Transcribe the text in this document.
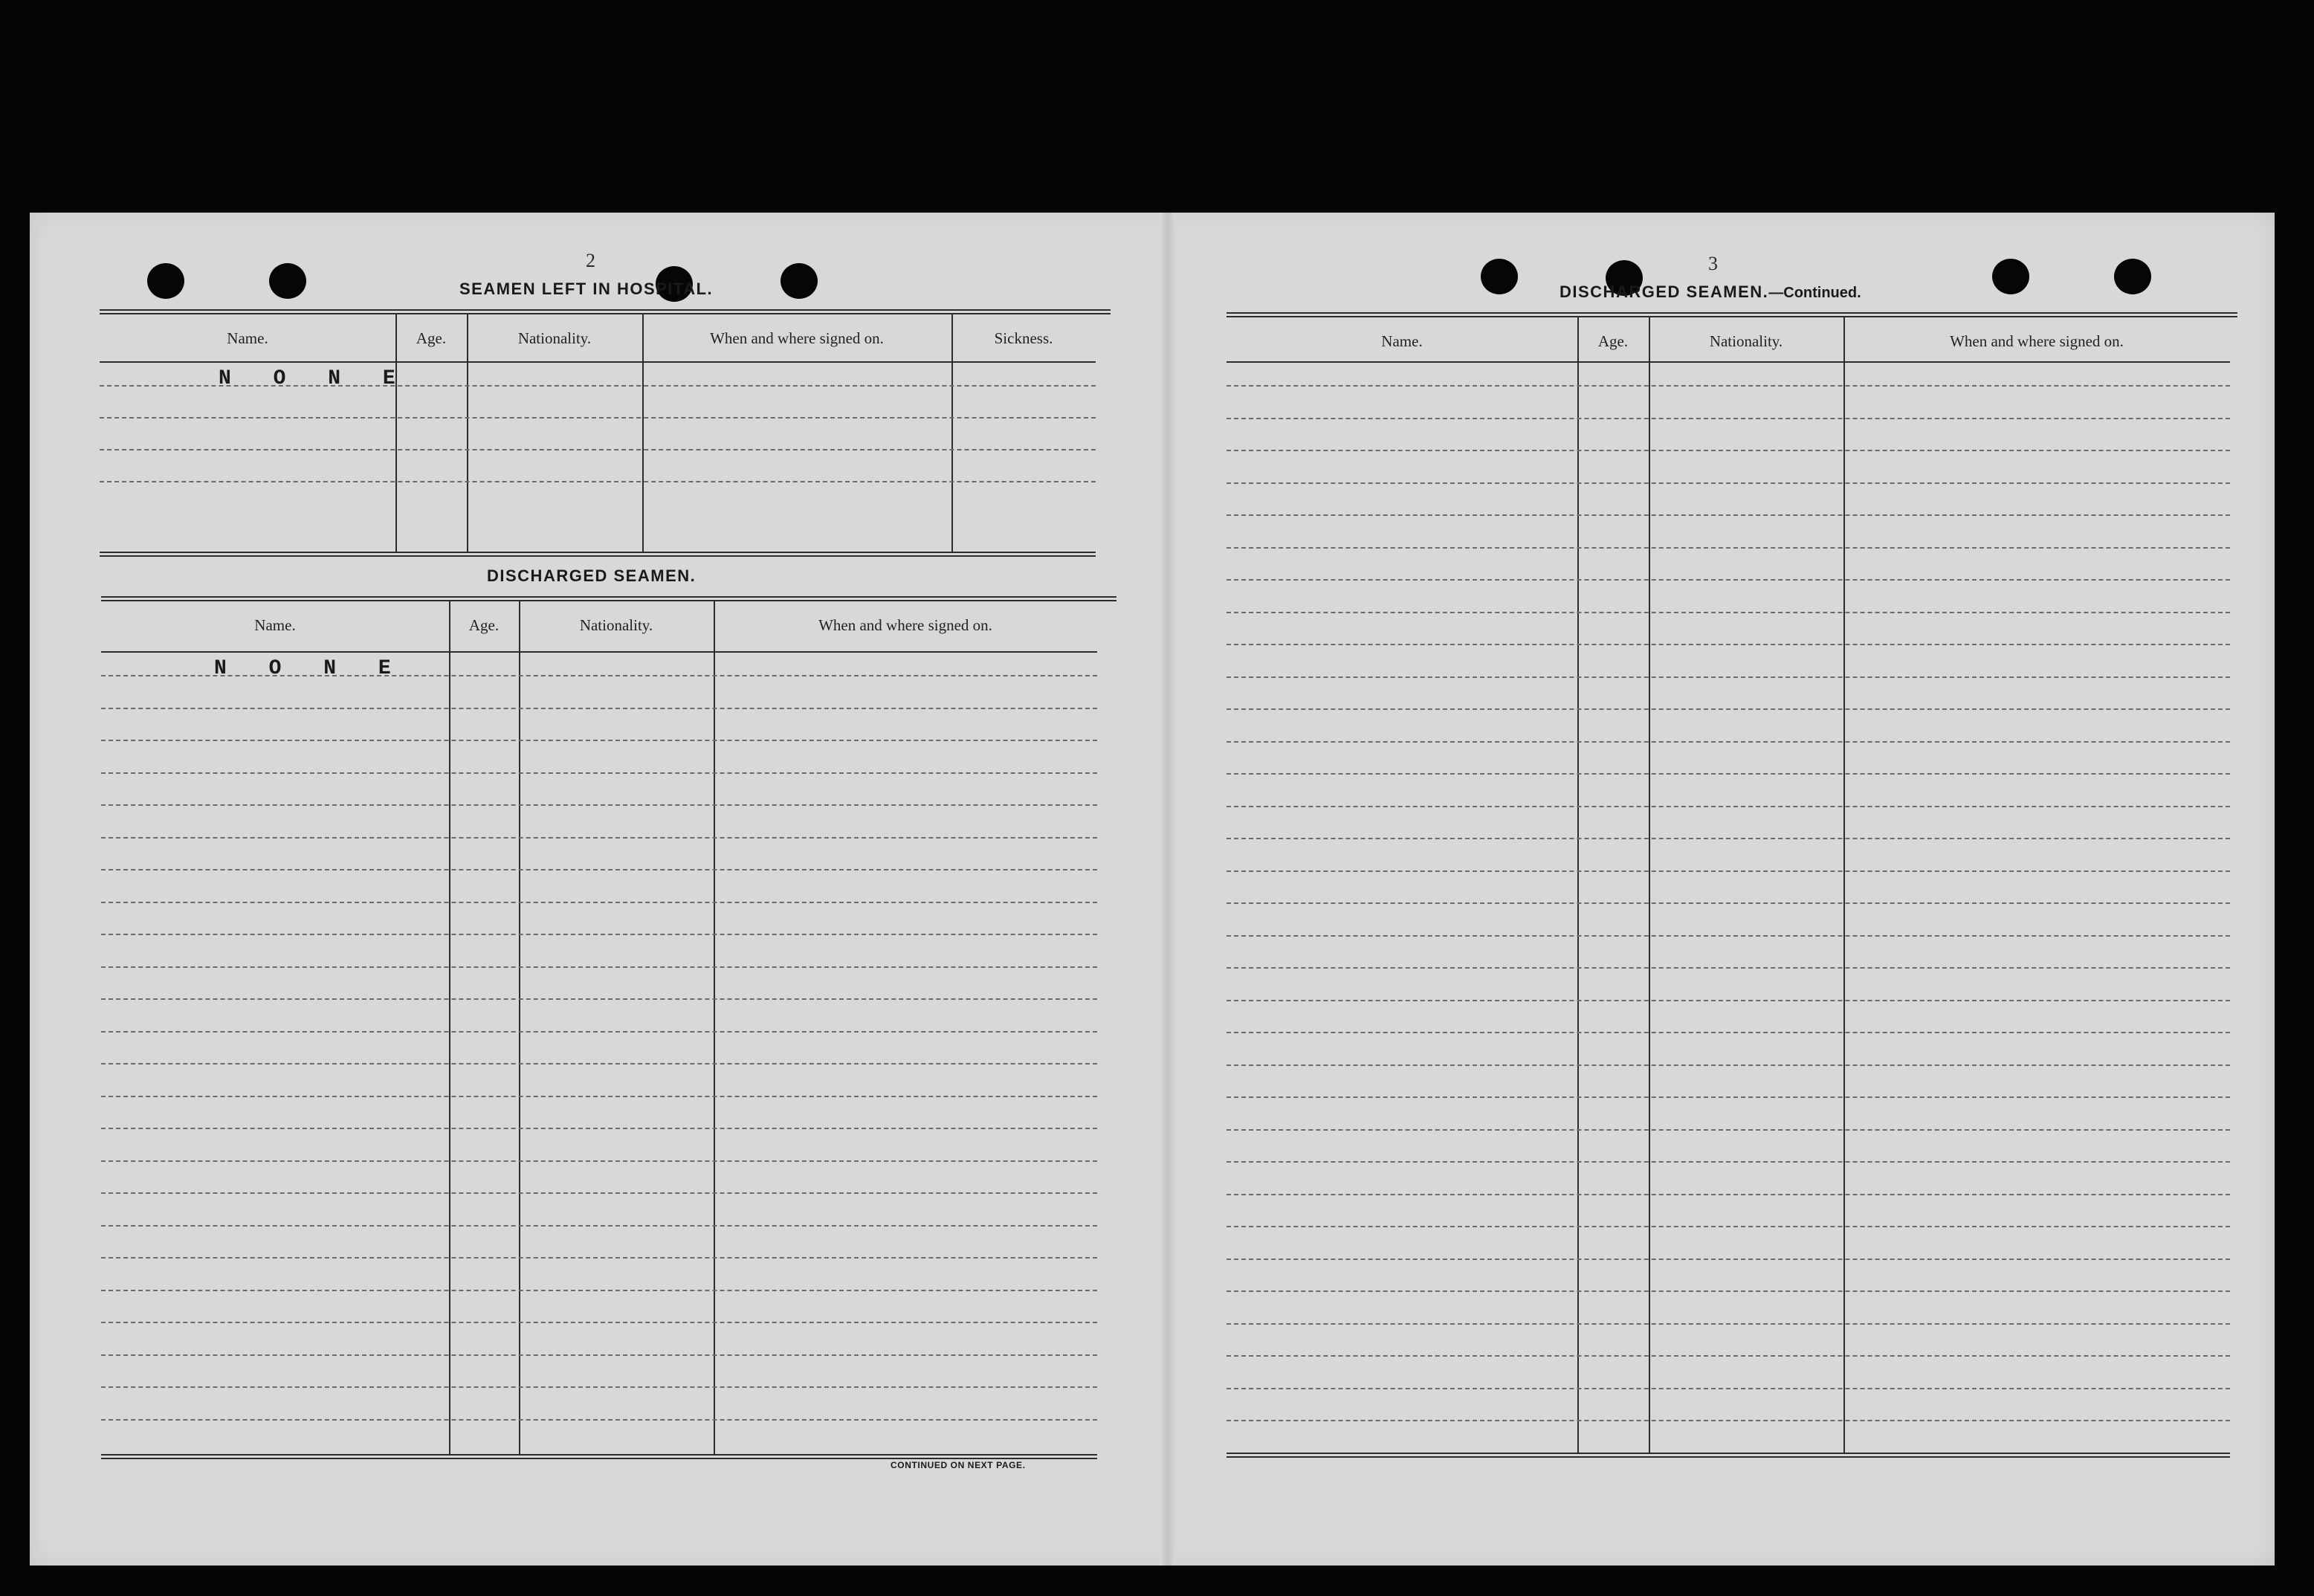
2
SEAMEN LEFT IN HOSPITAL.
DISCHARGED SEAMEN.
CONTINUED ON NEXT PAGE.
3
DISCHARGED SEAMEN.—Continued.
Name.	Age.	Nationality.	When and where signed on.	Sickness.
Name.	Age.	Nationality.	When and where signed on.
Name.	Age.	Nationality.	When and where signed on.
N O N E
N O N E
